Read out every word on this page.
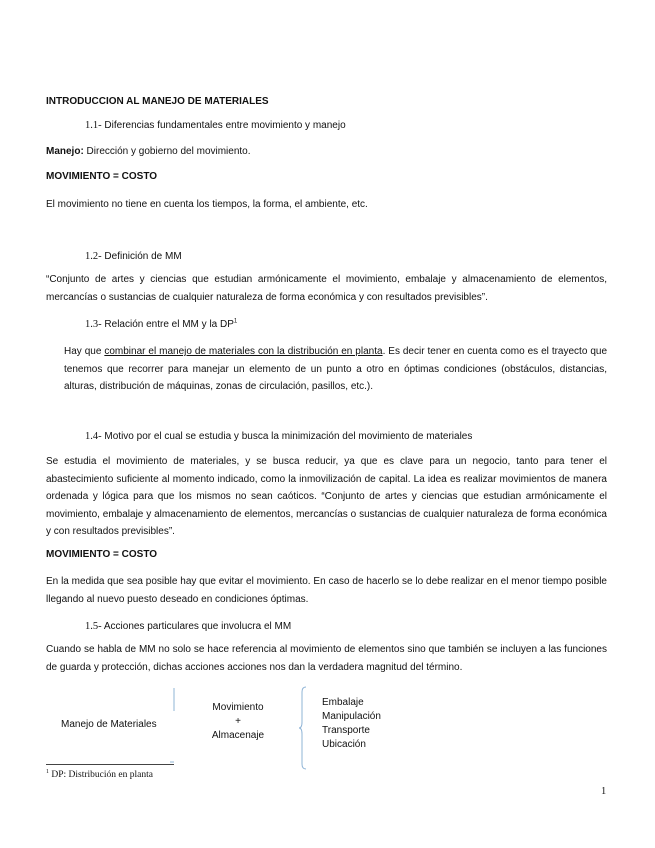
INTRODUCCION AL MANEJO DE MATERIALES
1.1- Diferencias fundamentales entre movimiento y manejo
Manejo: Dirección y gobierno del movimiento.
MOVIMIENTO = COSTO
El movimiento no tiene en cuenta los tiempos, la forma, el ambiente, etc.
1.2- Definición de MM
“Conjunto de artes y ciencias que estudian armónicamente el movimiento, embalaje y almacenamiento de elementos, mercancías o sustancias de cualquier naturaleza de forma económica y con resultados previsibles”.
1.3- Relación entre el MM y la $DP^1$
Hay que combinar el manejo de materiales con la distribución en planta. Es decir tener en cuenta como es el trayecto que tenemos que recorrer para manejar un elemento de un punto a otro en óptimas condiciones (obstáculos, distancias, alturas, distribución de máquinas, zonas de circulación, pasillos, etc.).
1.4- Motivo por el cual se estudia y busca la minimización del movimiento de materiales
Se estudia el movimiento de materiales, y se busca reducir, ya que es clave para un negocio, tanto para tener el abastecimiento suficiente al momento indicado, como la inmovilización de capital. La idea es realizar movimientos de manera ordenada y lógica para que los mismos no sean caóticos. “Conjunto de artes y ciencias que estudian armónicamente el movimiento, embalaje y almacenamiento de elementos, mercancías o sustancias de cualquier naturaleza de forma económica y con resultados previsibles”.
MOVIMIENTO = COSTO
En la medida que sea posible hay que evitar el movimiento. En caso de hacerlo se lo debe realizar en el menor tiempo posible llegando al nuevo puesto deseado en condiciones óptimas.
1.5- Acciones particulares que involucra el MM
Cuando se habla de MM no solo se hace referencia al movimiento de elementos sino que también se incluyen a las funciones de guarda y protección, dichas acciones acciones nos dan la verdadera magnitud del término.
Manejo de Materiales
Movimiento
+
Almacenaje
Embalaje
Manipulación
Transporte
Ubicación
$^1$ DP: Distribución en planta
1
